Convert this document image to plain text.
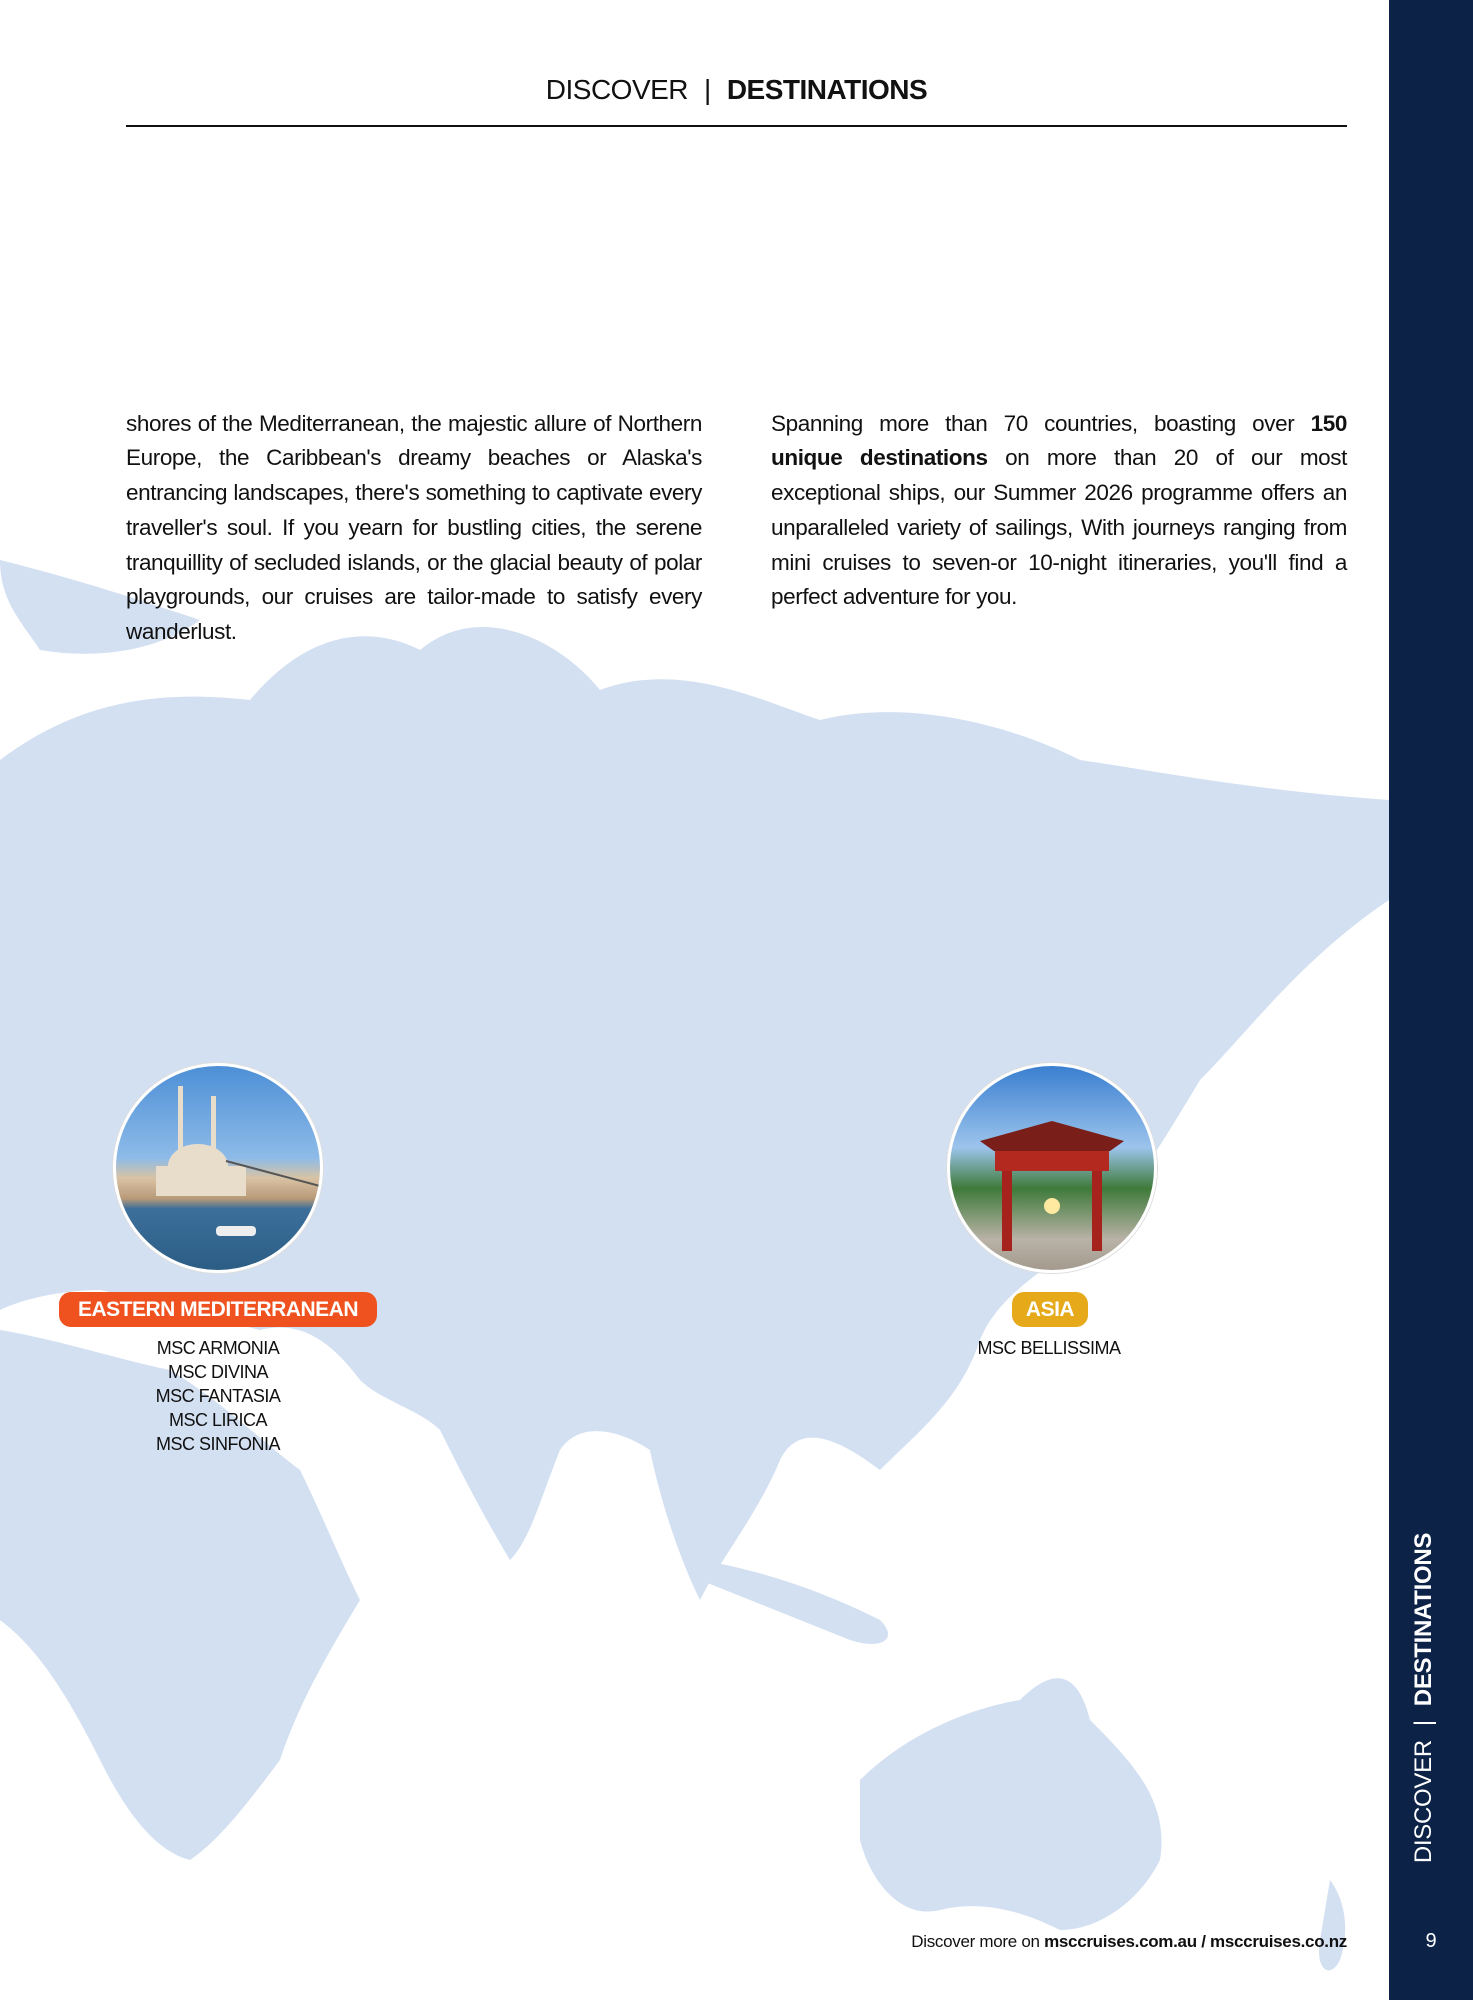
DISCOVER | DESTINATIONS

shores of the Mediterranean, the majestic allure of Northern Europe, the Caribbean's dreamy beaches or Alaska's entrancing landscapes, there's something to captivate every traveller's soul. If you yearn for bustling cities, the serene tranquillity of secluded islands, or the glacial beauty of polar playgrounds, our cruises are tailor-made to satisfy every wanderlust.

Spanning more than 70 countries, boasting over 150 unique destinations on more than 20 of our most exceptional ships, our Summer 2026 programme offers an unparalleled variety of sailings, With journeys ranging from mini cruises to seven-or 10-night itineraries, you'll find a perfect adventure for you.

EASTERN MEDITERRANEAN
MSC ARMONIA
MSC DIVINA
MSC FANTASIA
MSC LIRICA
MSC SINFONIA
ASIA
MSC BELLISSIMA
Discover more on msccruises.com.au / msccruises.co.nz
DISCOVER|DESTINATIONS
9
